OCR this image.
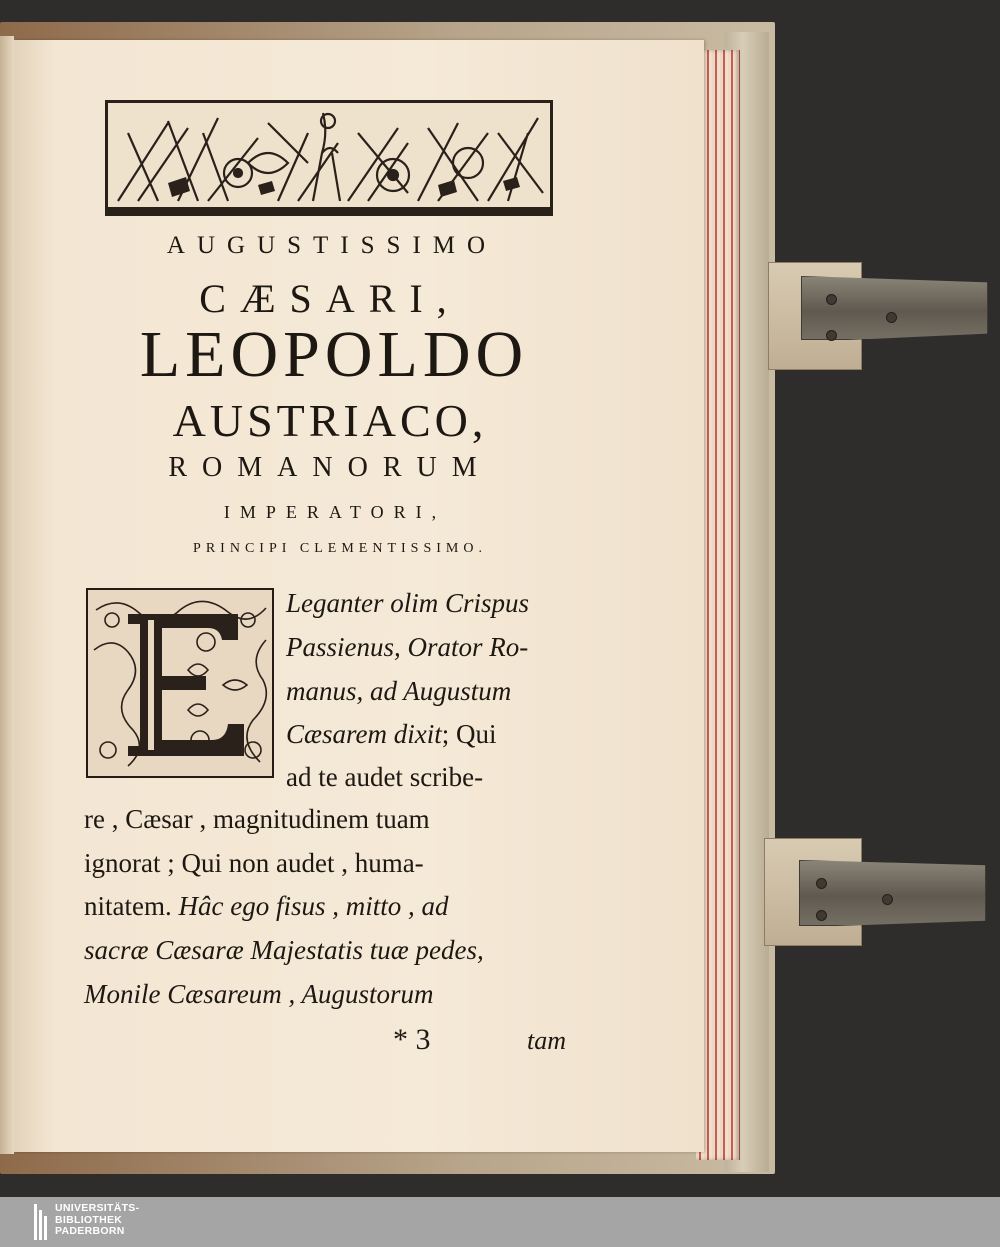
AUGUSTISSIMO
CÆSARI,
LEOPOLDO
AUSTRIACO,
ROMANORUM
IMPERATORI,
PRINCIPI CLEMENTISSIMO.
Leganter olim Crispus
Passienus, Orator Ro-
manus, ad Augustum
Cæsarem dixit; Qui
ad te audet scribe-
re , Cæsar , magnitudinem tuam
ignorat ; Qui non audet , huma-
nitatem. Hâc ego fisus , mitto , ad
sacræ Cæsaræ Majestatis tuæ pedes,
Monile Cæsareum , Augustorum
* 3	tam
UNIVERSITÄTS-
BIBLIOTHEK
PADERBORN
